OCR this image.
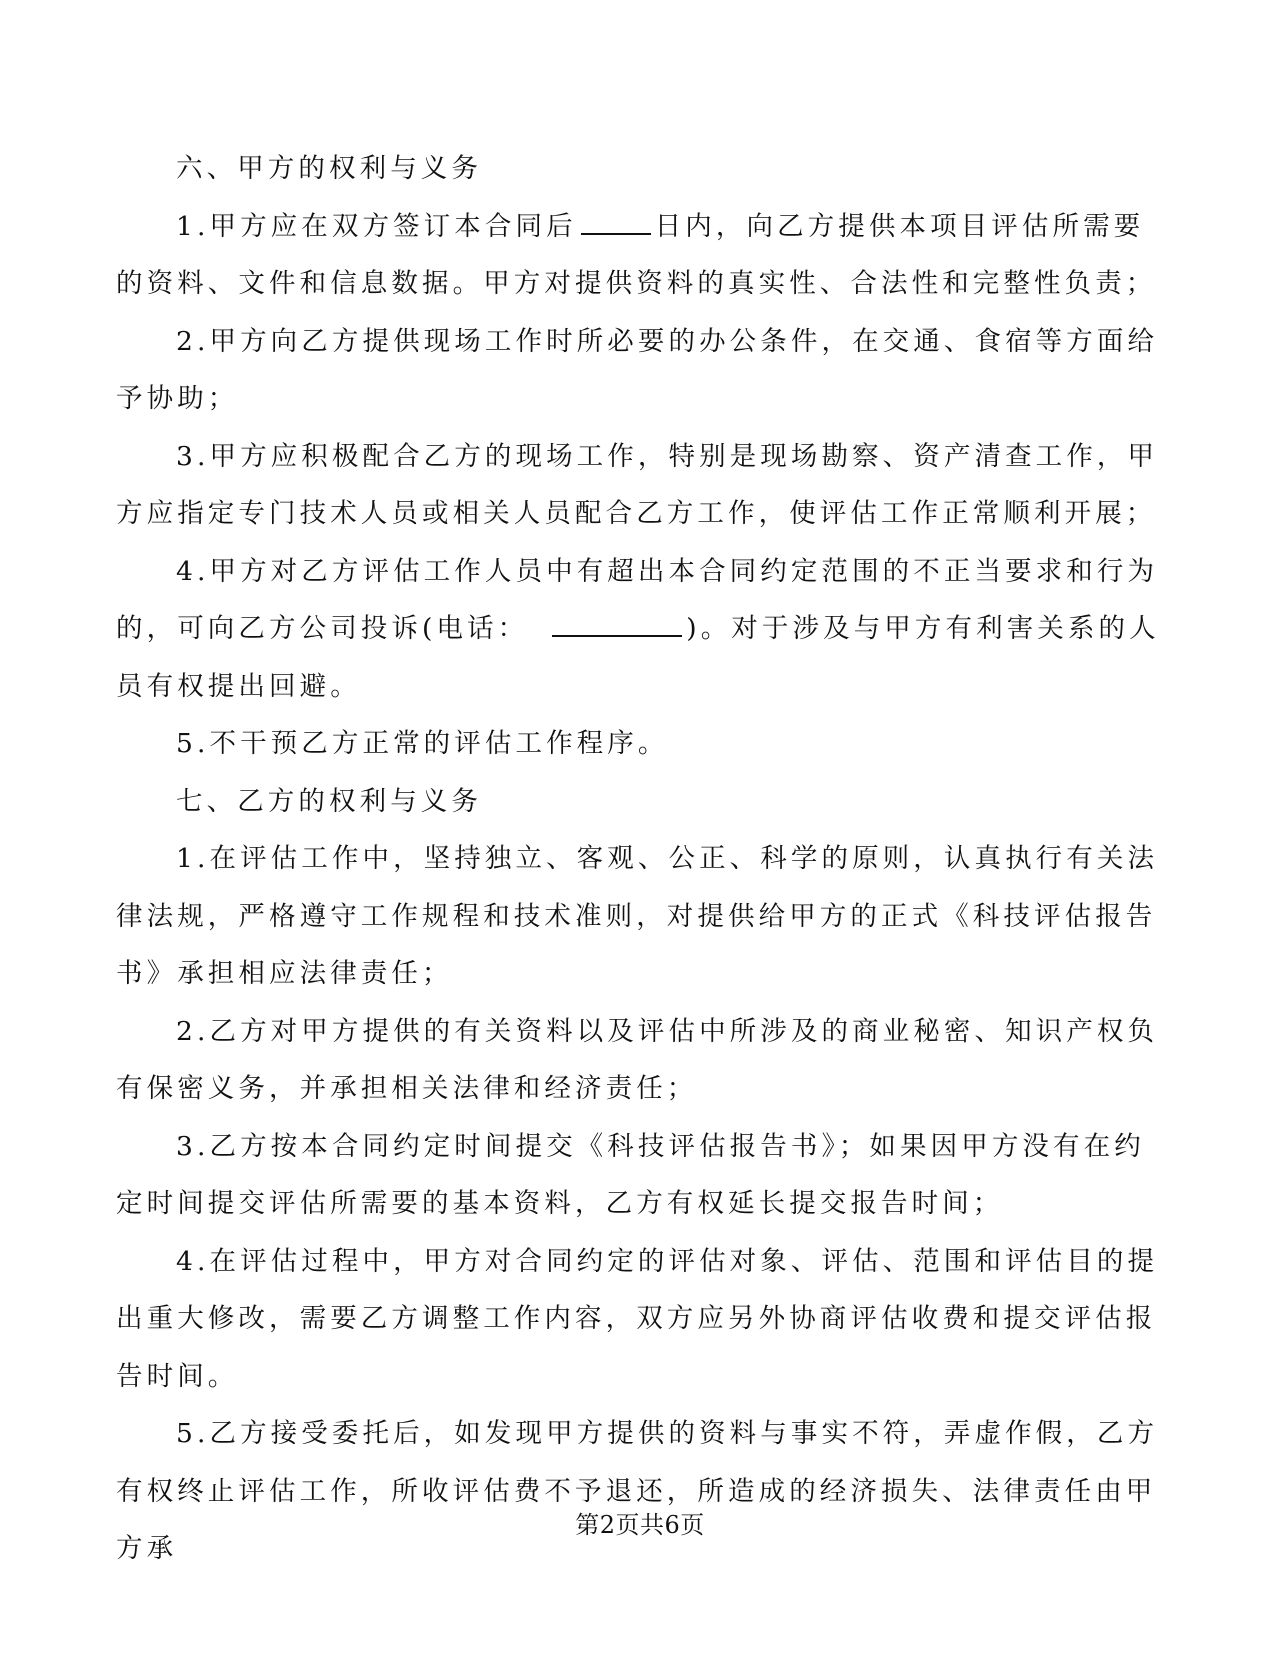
六、甲方的权利与义务

1.甲方应在双方签订本合同后	日内，向乙方提供本项目评估所需要的资料、文件和信息数据。甲方对提供资料的真实性、合法性和完整性负责；

2.甲方向乙方提供现场工作时所必要的办公条件，在交通、食宿等方面给予协助；

3.甲方应积极配合乙方的现场工作，特别是现场勘察、资产清查工作，甲方应指定专门技术人员或相关人员配合乙方工作，使评估工作正常顺利开展；

4.甲方对乙方评估工作人员中有超出本合同约定范围的不正当要求和行为的，可向乙方公司投诉(电话：	)。对于涉及与甲方有利害关系的人员有权提出回避。

5.不干预乙方正常的评估工作程序。

七、乙方的权利与义务

1.在评估工作中，坚持独立、客观、公正、科学的原则，认真执行有关法律法规，严格遵守工作规程和技术准则，对提供给甲方的正式《科技评估报告书》承担相应法律责任；

2.乙方对甲方提供的有关资料以及评估中所涉及的商业秘密、知识产权负有保密义务，并承担相关法律和经济责任；

3.乙方按本合同约定时间提交《科技评估报告书》；如果因甲方没有在约定时间提交评估所需要的基本资料，乙方有权延长提交报告时间；

4.在评估过程中，甲方对合同约定的评估对象、评估、范围和评估目的提出重大修改，需要乙方调整工作内容，双方应另外协商评估收费和提交评估报告时间。

5.乙方接受委托后，如发现甲方提供的资料与事实不符，弄虚作假，乙方有权终止评估工作，所收评估费不予退还，所造成的经济损失、法律责任由甲方承

第2页共6页
